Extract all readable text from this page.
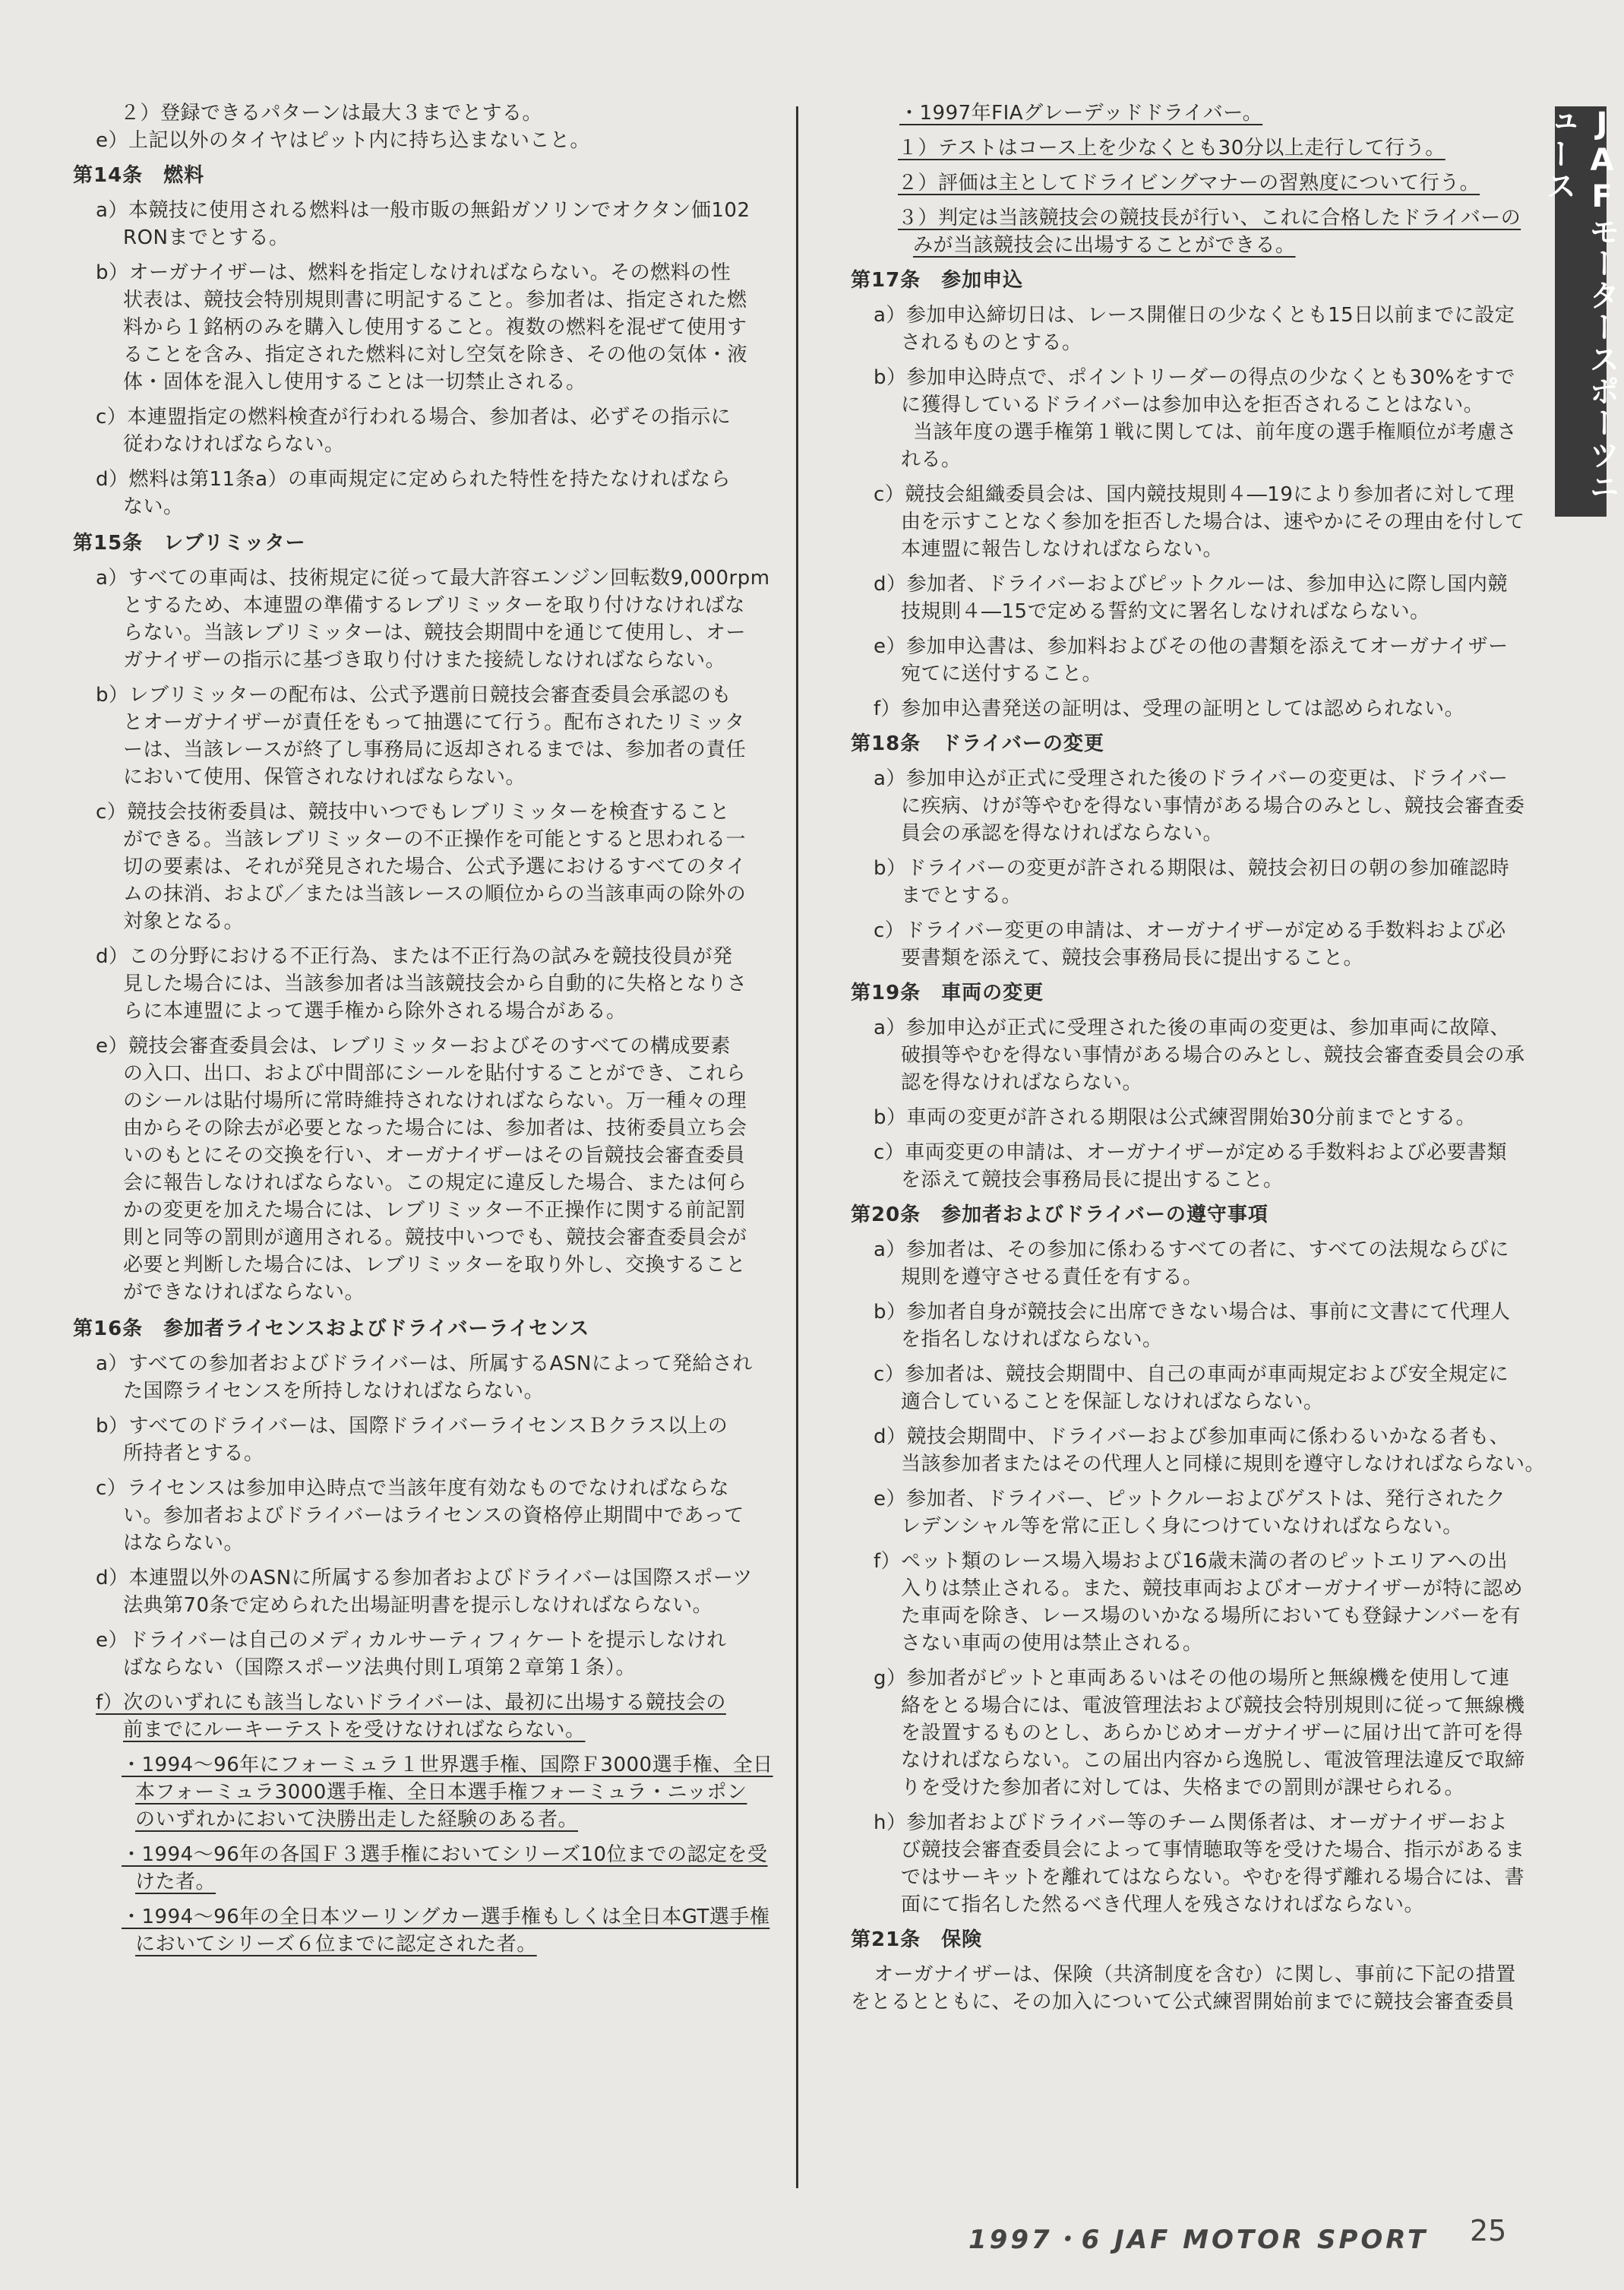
JAFモータースポーツニュース
２）登録できるパターンは最大３までとする。
e）上記以外のタイヤはピット内に持ち込まないこと。
第14条　燃料
a）本競技に使用される燃料は一般市販の無鉛ガソリンでオクタン価102
RONまでとする。
b）オーガナイザーは、燃料を指定しなければならない。その燃料の性
状表は、競技会特別規則書に明記すること。参加者は、指定された燃
料から１銘柄のみを購入し使用すること。複数の燃料を混ぜて使用す
ることを含み、指定された燃料に対し空気を除き、その他の気体・液
体・固体を混入し使用することは一切禁止される。
c）本連盟指定の燃料検査が行われる場合、参加者は、必ずその指示に
従わなければならない。
d）燃料は第11条a）の車両規定に定められた特性を持たなければなら
ない。
第15条　レブリミッター
a）すべての車両は、技術規定に従って最大許容エンジン回転数9,000rpm
とするため、本連盟の準備するレブリミッターを取り付けなければな
らない。当該レブリミッターは、競技会期間中を通じて使用し、オー
ガナイザーの指示に基づき取り付けまた接続しなければならない。
b）レブリミッターの配布は、公式予選前日競技会審査委員会承認のも
とオーガナイザーが責任をもって抽選にて行う。配布されたリミッタ
ーは、当該レースが終了し事務局に返却されるまでは、参加者の責任
において使用、保管されなければならない。
c）競技会技術委員は、競技中いつでもレブリミッターを検査すること
ができる。当該レブリミッターの不正操作を可能とすると思われる一
切の要素は、それが発見された場合、公式予選におけるすべてのタイ
ムの抹消、および／または当該レースの順位からの当該車両の除外の
対象となる。
d）この分野における不正行為、または不正行為の試みを競技役員が発
見した場合には、当該参加者は当該競技会から自動的に失格となりさ
らに本連盟によって選手権から除外される場合がある。
e）競技会審査委員会は、レブリミッターおよびそのすべての構成要素
の入口、出口、および中間部にシールを貼付することができ、これら
のシールは貼付場所に常時維持されなければならない。万一種々の理
由からその除去が必要となった場合には、参加者は、技術委員立ち会
いのもとにその交換を行い、オーガナイザーはその旨競技会審査委員
会に報告しなければならない。この規定に違反した場合、または何ら
かの変更を加えた場合には、レブリミッター不正操作に関する前記罰
則と同等の罰則が適用される。競技中いつでも、競技会審査委員会が
必要と判断した場合には、レブリミッターを取り外し、交換すること
ができなければならない。
第16条　参加者ライセンスおよびドライバーライセンス
a）すべての参加者およびドライバーは、所属するASNによって発給され
た国際ライセンスを所持しなければならない。
b）すべてのドライバーは、国際ドライバーライセンスＢクラス以上の
所持者とする。
c）ライセンスは参加申込時点で当該年度有効なものでなければならな
い。参加者およびドライバーはライセンスの資格停止期間中であって
はならない。
d）本連盟以外のASNに所属する参加者およびドライバーは国際スポーツ
法典第70条で定められた出場証明書を提示しなければならない。
e）ドライバーは自己のメディカルサーティフィケートを提示しなけれ
ばならない（国際スポーツ法典付則Ｌ項第２章第１条）。
f）次のいずれにも該当しないドライバーは、最初に出場する競技会の
前までにルーキーテストを受けなければならない。
・1994～96年にフォーミュラ１世界選手権、国際Ｆ3000選手権、全日
本フォーミュラ3000選手権、全日本選手権フォーミュラ・ニッポン
のいずれかにおいて決勝出走した経験のある者。
・1994～96年の各国Ｆ３選手権においてシリーズ10位までの認定を受
けた者。
・1994～96年の全日本ツーリングカー選手権もしくは全日本GT選手権
においてシリーズ６位までに認定された者。
・1997年FIAグレーデッドドライバー。
１）テストはコース上を少なくとも30分以上走行して行う。
２）評価は主としてドライビングマナーの習熟度について行う。
３）判定は当該競技会の競技長が行い、これに合格したドライバーの
みが当該競技会に出場することができる。
第17条　参加申込
a）参加申込締切日は、レース開催日の少なくとも15日以前までに設定
されるものとする。
b）参加申込時点で、ポイントリーダーの得点の少なくとも30%をすで
に獲得しているドライバーは参加申込を拒否されることはない。
当該年度の選手権第１戦に関しては、前年度の選手権順位が考慮さ
れる。
c）競技会組織委員会は、国内競技規則４―19により参加者に対して理
由を示すことなく参加を拒否した場合は、速やかにその理由を付して
本連盟に報告しなければならない。
d）参加者、ドライバーおよびピットクルーは、参加申込に際し国内競
技規則４―15で定める誓約文に署名しなければならない。
e）参加申込書は、参加料およびその他の書類を添えてオーガナイザー
宛てに送付すること。
f）参加申込書発送の証明は、受理の証明としては認められない。
第18条　ドライバーの変更
a）参加申込が正式に受理された後のドライバーの変更は、ドライバー
に疾病、けが等やむを得ない事情がある場合のみとし、競技会審査委
員会の承認を得なければならない。
b）ドライバーの変更が許される期限は、競技会初日の朝の参加確認時
までとする。
c）ドライバー変更の申請は、オーガナイザーが定める手数料および必
要書類を添えて、競技会事務局長に提出すること。
第19条　車両の変更
a）参加申込が正式に受理された後の車両の変更は、参加車両に故障、
破損等やむを得ない事情がある場合のみとし、競技会審査委員会の承
認を得なければならない。
b）車両の変更が許される期限は公式練習開始30分前までとする。
c）車両変更の申請は、オーガナイザーが定める手数料および必要書類
を添えて競技会事務局長に提出すること。
第20条　参加者およびドライバーの遵守事項
a）参加者は、その参加に係わるすべての者に、すべての法規ならびに
規則を遵守させる責任を有する。
b）参加者自身が競技会に出席できない場合は、事前に文書にて代理人
を指名しなければならない。
c）参加者は、競技会期間中、自己の車両が車両規定および安全規定に
適合していることを保証しなければならない。
d）競技会期間中、ドライバーおよび参加車両に係わるいかなる者も、
当該参加者またはその代理人と同様に規則を遵守しなければならない。
e）参加者、ドライバー、ピットクルーおよびゲストは、発行されたク
レデンシャル等を常に正しく身につけていなければならない。
f）ペット類のレース場入場および16歳未満の者のピットエリアへの出
入りは禁止される。また、競技車両およびオーガナイザーが特に認め
た車両を除き、レース場のいかなる場所においても登録ナンバーを有
さない車両の使用は禁止される。
g）参加者がピットと車両あるいはその他の場所と無線機を使用して連
絡をとる場合には、電波管理法および競技会特別規則に従って無線機
を設置するものとし、あらかじめオーガナイザーに届け出て許可を得
なければならない。この届出内容から逸脱し、電波管理法違反で取締
りを受けた参加者に対しては、失格までの罰則が課せられる。
h）参加者およびドライバー等のチーム関係者は、オーガナイザーおよ
び競技会審査委員会によって事情聴取等を受けた場合、指示があるま
ではサーキットを離れてはならない。やむを得ず離れる場合には、書
面にて指名した然るべき代理人を残さなければならない。
第21条　保険
オーガナイザーは、保険（共済制度を含む）に関し、事前に下記の措置
をとるとともに、その加入について公式練習開始前までに競技会審査委員
1997・6 JAF MOTOR SPORT 25
